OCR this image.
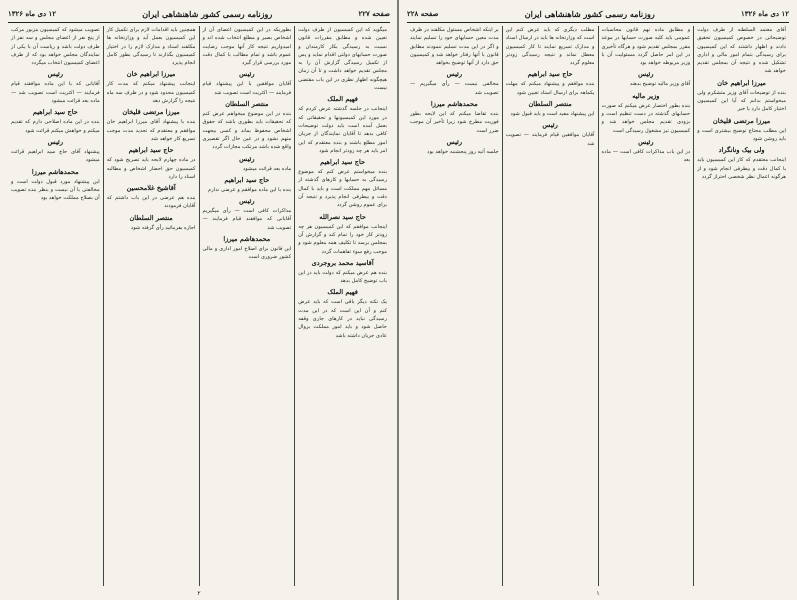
صفحه ۲۲۷
روزنامه رسمی کشور شاهنشاهی ایران
۱۲ دی ماه ۱۳۲۶
میگوید که این کمیسیون از طرف دولت تعیین شده و مطابق مقررات قانون نسبت به رسیدگی بکار کارمندان و صورت حسابهای دولتی اقدام نماید و پس از تکمیل رسیدگی گزارش آن را به مجلس تقدیم خواهد داشت و تا آن زمان هیچگونه اظهار نظری در این باب مقتضی نیست
فهیم الملک
اینجانب در جلسه گذشته عرض کردم که در مورد این کمیسیونها و تحقیقاتی که بعمل آمده است باید دولت توضیحات کافی بدهد تا آقایان نمایندگان از جریان امور مطلع باشند و بنده معتقدم که این امر باید هر چه زودتر انجام شود
حاج سید ابراهیم
بنده میخواستم عرض کنم که موضوع رسیدگی به حسابها و کارهای گذشته از مسائل مهم مملکت است و باید با کمال دقت و بیطرفی انجام پذیرد و نتیجه آن برای عموم روشن گردد
حاج سید نصرالله
اینجانب موافقم که این کمیسیون هر چه زودتر کار خود را تمام کند و گزارش آن بمجلس برسد تا تکلیف همه معلوم شود و موجب رفع سوء تفاهمات گردد
آقاسید محمد بروجردی
بنده هم عرض میکنم که دولت باید در این باب توضیح کامل بدهد
فهیم الملک
یک نکته دیگر باقی است که باید عرض کنم و آن این است که در این مدت رسیدگی نباید در کارهای جاری وقفه حاصل شود و باید امور مملکت بروال عادی جریان داشته باشد
بطوریکه در این کمیسیون اعضای آن از اشخاص بصیر و مطلع انتخاب شده اند و امیدواریم نتیجه کار آنها موجب رضایت عموم باشد و تمام مطالب با کمال دقت مورد بررسی قرار گیرد
رئیس
آقایان موافقین با این پیشنهاد قیام فرمایند — اکثریت است تصویب شد
منتصر السلطان
بنده در این موضوع میخواهم عرض کنم که تحقیقات باید بطوری باشد که حقوق اشخاص محفوظ بماند و کسی بیجهت متهم نشود و در عین حال اگر تقصیری واقع شده باشد مرتکب مجازات گردد
رئیس
ماده بعد قرائت میشود
حاج سید ابراهیم
بنده با این ماده موافقم و عرضی ندارم
رئیس
مذاکرات کافی است — رأی میگیریم آقایانی که موافقند قیام فرمایند — تصویب شد
محمدهاشم میرزا
این قانون برای اصلاح امور اداری و مالی کشور ضروری است
همچنین باید اقدامات لازم برای تکمیل کار این کمیسیون بعمل آید و وزارتخانه ها مکلفند اسناد و مدارک لازم را در اختیار کمیسیون بگذارند تا رسیدگی بطور کامل انجام پذیرد
میرزا ابراهیم خان
اینجانب پیشنهاد میکنم که مدت کار کمیسیون محدود شود و در ظرف سه ماه نتیجه را گزارش دهد
میرزا مرتضی قلیخان
بنده با پیشنهاد آقای میرزا ابراهیم خان موافقم و معتقدم که تحدید مدت موجب تسریع کار خواهد شد
حاج سید ابراهیم
در ماده چهارم لایحه باید تصریح شود که کمیسیون حق احضار اشخاص و مطالبه اسناد را دارد
آقاشیخ غلامحسین
بنده هم عرضی در این باب داشتم که آقایان فرمودند
منتصر السلطان
اجازه بفرمائید رأی گرفته شود
تصویب میشود که کمیسیون مزبور مرکب از پنج نفر از اعضای مجلس و سه نفر از طرف دولت باشد و ریاست آن با یکی از نمایندگان مجلس خواهد بود که از طرف اعضای کمیسیون انتخاب میگردد
رئیس
آقایانی که با این ماده موافقند قیام فرمایند — اکثریت است تصویب شد — ماده بعد قرائت میشود
حاج سید ابراهیم
بنده در این ماده اصلاحی دارم که تقدیم میکنم و خواهش میکنم قرائت شود
رئیس
پیشنهاد آقای حاج سید ابراهیم قرائت میشود
محمدهاشم میرزا
این پیشنهاد مورد قبول دولت است و مخالفتی با آن نیست و بنظر بنده تصویب آن بصلاح مملکت خواهد بود
۲
۱۲ دی ماه ۱۳۲۶
روزنامه رسمی کشور شاهنشاهی ایران
صفحه ۲۲۸
آقای معتمد السلطنه از طرف دولت توضیحاتی در خصوص کمیسیون تحقیق دادند و اظهار داشتند که این کمیسیون برای رسیدگی بتمام امور مالی و اداری تشکیل شده و نتیجه آن بمجلس تقدیم خواهد شد
میرزا ابراهیم خان
بنده از توضیحات آقای وزیر متشکرم ولی میخواستم بدانم که آیا این کمیسیون اختیار کامل دارد یا خیر
میرزا مرتضی قلیخان
این مطلب محتاج توضیح بیشتری است و باید روشن شود
ولی بیک ونانگراد
اینجانب معتقدم که کار این کمیسیون باید با کمال دقت و بیطرفی انجام شود و از هرگونه اعمال نظر شخصی احتراز گردد
و مطابق ماده نهم قانون محاسبات عمومی باید کلیه صورت حسابها در موعد مقرر بمجلس تقدیم شود و هرگاه تأخیری در این امر حاصل گردد مسئولیت آن با وزیر مربوطه خواهد بود
رئیس
آقای وزیر مالیه توضیح بدهند
وزیر مالیه
بنده بطور اختصار عرض میکنم که صورت حسابهای گذشته در دست تنظیم است و بزودی تقدیم مجلس خواهد شد و کمیسیون نیز مشغول رسیدگی است
رئیس
در این باب مذاکرات کافی است — ماده بعد
مطلب دیگری که باید عرض کنم این است که وزارتخانه ها باید در ارسال اسناد و مدارک تسریع نمایند تا کار کمیسیون معطل نماند و نتیجه رسیدگی زودتر معلوم گردد
حاج سید ابراهیم
بنده موافقم و پیشنهاد میکنم که مهلت یکماهه برای ارسال اسناد تعیین شود
منتصر السلطان
این پیشنهاد مفید است و باید قبول شود
رئیس
آقایان موافقین قیام فرمایند — تصویب شد
بر اینکه اشخاص مسئول مکلفند در ظرف مدت معین حسابهای خود را تسلیم نمایند و اگر در این مدت تسلیم ننمودند مطابق قانون با آنها رفتار خواهد شد و کمیسیون حق دارد از آنها توضیح بخواهد
رئیس
مخالفی نیست — رأی میگیریم — تصویب شد
محمدهاشم میرزا
بنده تقاضا میکنم که این لایحه بطور فوریت مطرح شود زیرا تأخیر آن موجب ضرر است
رئیس
جلسه آتیه روز پنجشنبه خواهد بود
۱
